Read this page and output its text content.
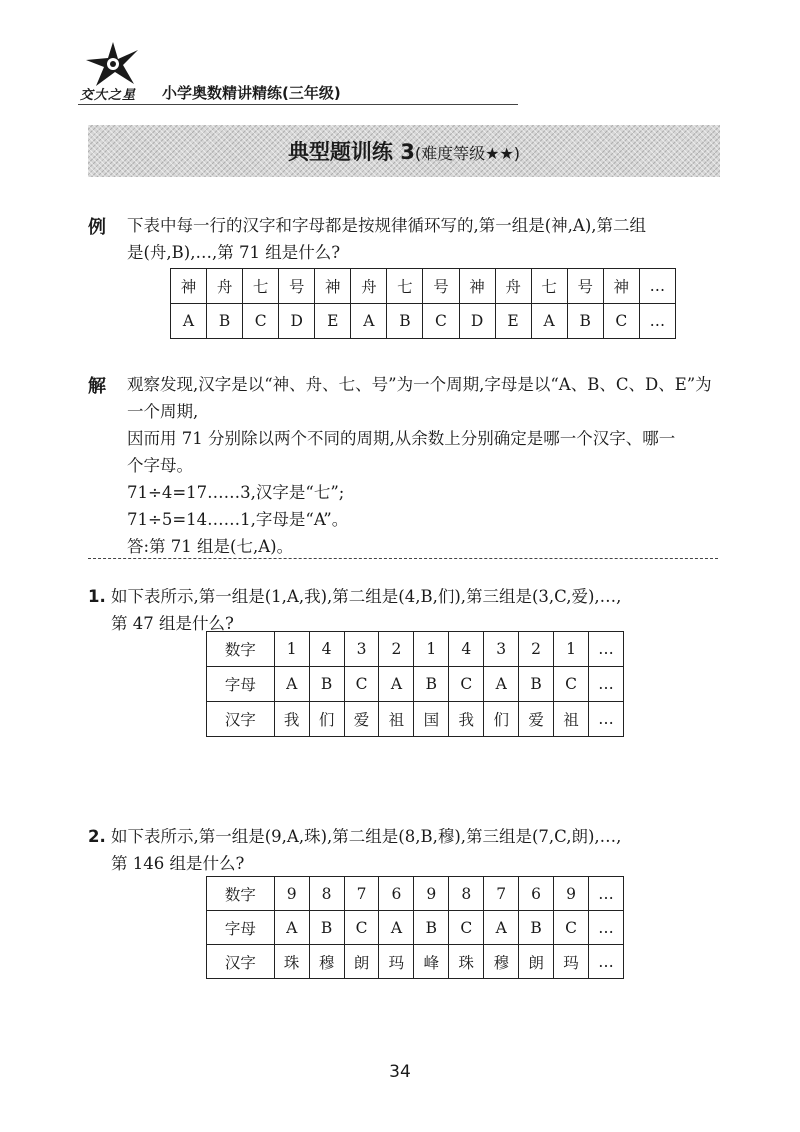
交大之星 小学奥数精讲精练(三年级)
典型题训练 3(难度等级★★)
例 下表中每一行的汉字和字母都是按规律循环写的,第一组是(神,A),第二组
是(舟,B),…,第 71 组是什么?
神	舟	七	号	神	舟	七	号	神	舟	七	号	神	…
A	B	C	D	E	A	B	C	D	E	A	B	C	…
解 观察发现,汉字是以“神、舟、七、号”为一个周期,字母是以“A、B、C、D、E”为
一个周期,
因而用 71 分别除以两个不同的周期,从余数上分别确定是哪一个汉字、哪一
个字母。
71÷4=17……3,汉字是“七”;
71÷5=14……1,字母是“A”。
答:第 71 组是(七,A)。
1. 如下表所示,第一组是(1,A,我),第二组是(4,B,们),第三组是(3,C,爱),…,
第 47 组是什么?
数字	1	4	3	2	1	4	3	2	1	…
字母	A	B	C	A	B	C	A	B	C	…
汉字	我	们	爱	祖	国	我	们	爱	祖	…
2. 如下表所示,第一组是(9,A,珠),第二组是(8,B,穆),第三组是(7,C,朗),…,
第 146 组是什么?
数字	9	8	7	6	9	8	7	6	9	…
字母	A	B	C	A	B	C	A	B	C	…
汉字	珠	穆	朗	玛	峰	珠	穆	朗	玛	…
34
